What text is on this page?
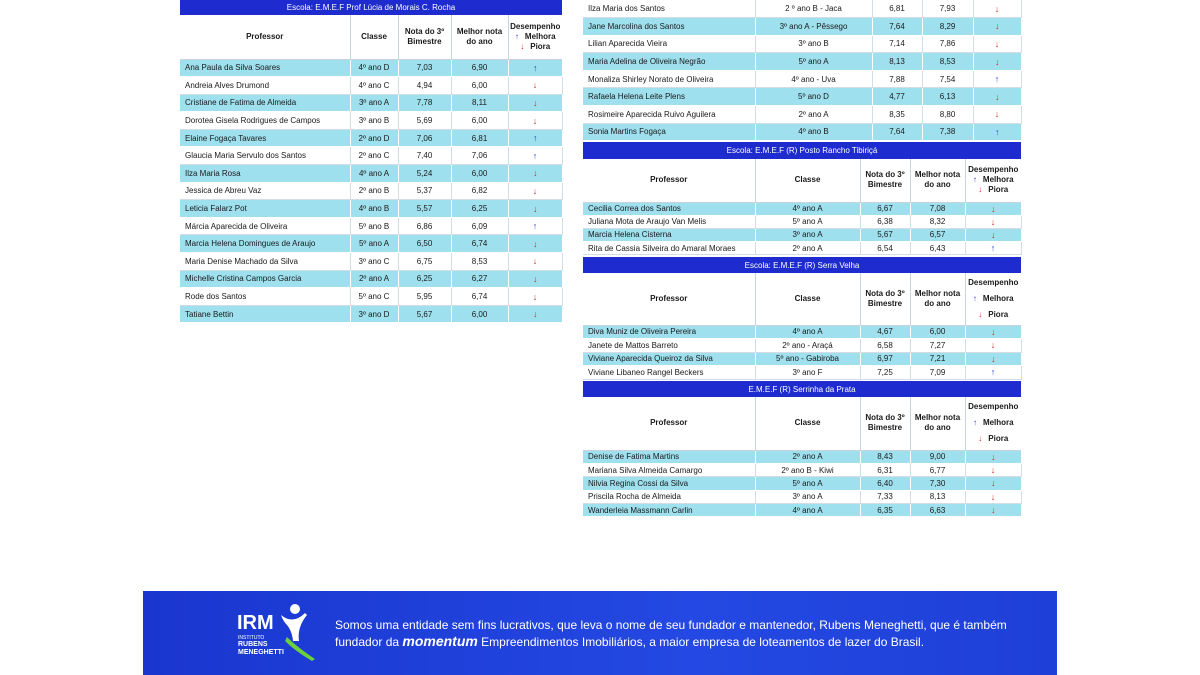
Escola: E.M.E.F Prof Lúcia de Morais C. Rocha				
Professor	Classe	Nota do 3º Bimestre	Melhor nota do ano	Desempenho
↑ Melhora
↓ Piora

Ana Paula da Silva Soares	4º ano D	7,03	6,90	↑
Andreia Alves Drumond	4º ano C	4,94	6,00	↓
Cristiane de Fatima de Almeida	3º ano A	7,78	8,11	↓
Dorotea Gisela Rodrigues de Campos	3º ano B	5,69	6,00	↓
Elaine Fogaça Tavares	2º ano D	7,06	6,81	↑
Glaucia Maria Servulo dos Santos	2º ano C	7,40	7,06	↑
Ilza Maria Rosa	4º ano A	5,24	6,00	↓
Jessica de Abreu Vaz	2º ano B	5,37	6,82	↓
Leticia Falarz Pot	4º ano B	5,57	6,25	↓
Márcia Aparecida de Oliveira	5º ano B	6,86	6,09	↑
Marcia Helena Domingues de Araujo	5º ano A	6,50	6,74	↓
Maria Denise Machado da Silva	3º ano C	6,75	8,53	↓
Michelle Cristina Campos Garcia	2º ano A	6,25	6,27	↓
Rode dos Santos	5º ano C	5,95	6,74	↓
Tatiane Bettin	3º ano D	5,67	6,00	↓
Ilza Maria dos Santos	2 º ano B - Jaca	6,81	7,93	↓
Jane Marcolina dos Santos	3º ano A - Pêssego	7,64	8,29	↓
Lilian Aparecida Vieira	3º ano B	7,14	7,86	↓
Maria Adelina de Oliveira Negrão	5º ano A	8,13	8,53	↓
Monaliza Shirley Norato de Oliveira	4º ano - Uva	7,88	7,54	↑
Rafaela Helena Leite Plens	5º ano D	4,77	6,13	↓
Rosimeire Aparecida Ruivo Aguilera	2º ano A	8,35	8,80	↓
Sonia Martins Fogaça	4º ano B	7,64	7,38	↑
Escola: E.M.E.F (R) Posto Rancho Tibiriçá				
Professor	Classe	Nota do 3º Bimestre	Melhor nota do ano	Desempenho
↑ Melhora
↓ Piora

Cecilia Correa dos Santos	4º ano A	6,67	7,08	↓
Juliana Mota de Araujo Van Melis	5º ano A	6,38	8,32	↓
Marcia Helena Cisterna	3º ano A	5,67	6,57	↓
Rita de Cassia Silveira do Amaral Moraes	2º ano A	6,54	6,43	↑
Escola: E.M.E.F (R) Serra Velha				
Professor	Classe	Nota do 3º Bimestre	Melhor nota do ano	Desempenho
↑ Melhora
↓ Piora

Diva Muniz de Oliveira Pereira	4º ano A	4,67	6,00	↓
Janete de Mattos Barreto	2º ano - Araçá	6,58	7,27	↓
Viviane Aparecida Queiroz da Silva	5º ano - Gabiroba	6,97	7,21	↓
Viviane Libaneo Rangel Beckers	3º ano F	7,25	7,09	↑
E.M.E.F (R) Serrinha da Prata				
Professor	Classe	Nota do 3º Bimestre	Melhor nota do ano	Desempenho
↑ Melhora
↓ Piora

Denise de Fatima Martins	2º ano A	8,43	9,00	↓
Mariana Silva Almeida Camargo	2º ano B - Kiwi	6,31	6,77	↓
Nilvia Regina Cossi da Silva	5º ano A	6,40	7,30	↓
Priscila Rocha de Almeida	3º ano A	7,33	8,13	↓
Wanderleia Massmann Carlin	4º ano A	6,35	6,63	↓
IRM
INSTITUTO
RUBENS
MENEGHETTI
Somos uma entidade sem fins lucrativos, que leva o nome de seu fundador e mantenedor, Rubens Meneghetti, que é também fundador da momentum Empreendimentos Imobiliários, a maior empresa de loteamentos de lazer do Brasil.
